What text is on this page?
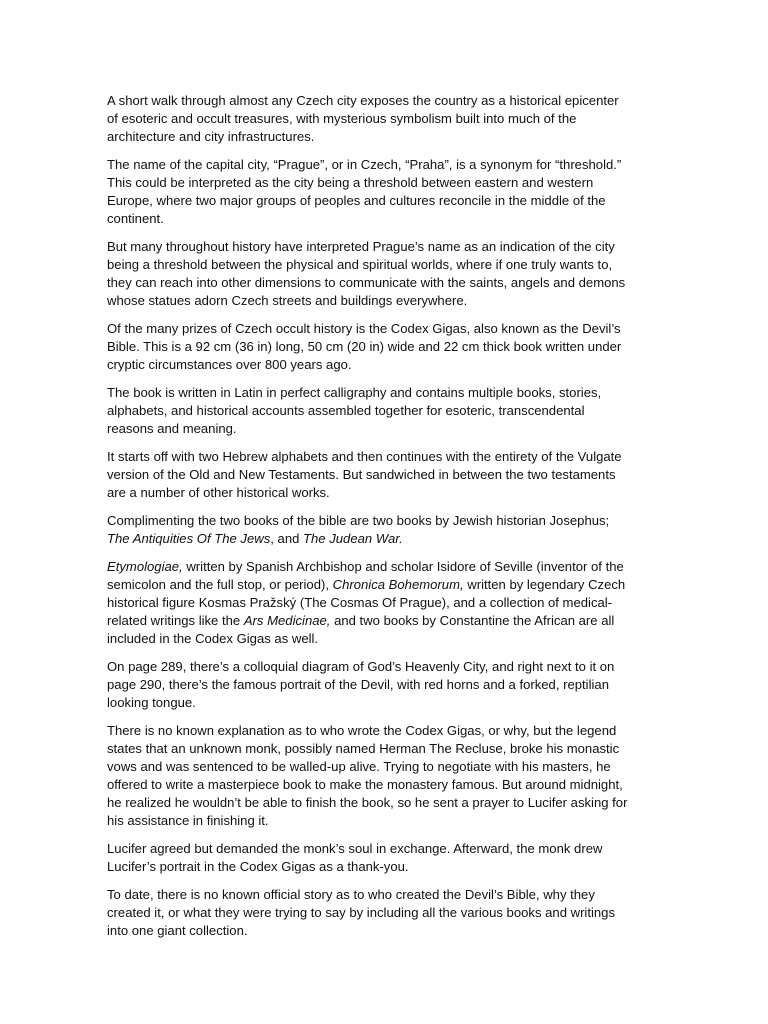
A short walk through almost any Czech city exposes the country as a historical epicenter of esoteric and occult treasures, with mysterious symbolism built into much of the architecture and city infrastructures.

The name of the capital city, “Prague”, or in Czech, “Praha”, is a synonym for “threshold.” This could be interpreted as the city being a threshold between eastern and western Europe, where two major groups of peoples and cultures reconcile in the middle of the continent.

But many throughout history have interpreted Prague’s name as an indication of the city being a threshold between the physical and spiritual worlds, where if one truly wants to, they can reach into other dimensions to communicate with the saints, angels and demons whose statues adorn Czech streets and buildings everywhere.

Of the many prizes of Czech occult history is the Codex Gigas, also known as the Devil’s Bible. This is a 92 cm (36 in) long, 50 cm (20 in) wide and 22 cm thick book written under cryptic circumstances over 800 years ago.

The book is written in Latin in perfect calligraphy and contains multiple books, stories, alphabets, and historical accounts assembled together for esoteric, transcendental reasons and meaning.

It starts off with two Hebrew alphabets and then continues with the entirety of the Vulgate version of the Old and New Testaments. But sandwiched in between the two testaments are a number of other historical works.

Complimenting the two books of the bible are two books by Jewish historian Josephus; The Antiquities Of The Jews, and The Judean War.

Etymologiae, written by Spanish Archbishop and scholar Isidore of Seville (inventor of the semicolon and the full stop, or period), Chronica Bohemorum, written by legendary Czech historical figure Kosmas Pražský (The Cosmas Of Prague), and a collection of medical-related writings like the Ars Medicinae, and two books by Constantine the African are all included in the Codex Gigas as well.

On page 289, there’s a colloquial diagram of God’s Heavenly City, and right next to it on page 290, there’s the famous portrait of the Devil, with red horns and a forked, reptilian looking tongue.

There is no known explanation as to who wrote the Codex Gigas, or why, but the legend states that an unknown monk, possibly named Herman The Recluse, broke his monastic vows and was sentenced to be walled-up alive. Trying to negotiate with his masters, he offered to write a masterpiece book to make the monastery famous. But around midnight, he realized he wouldn’t be able to finish the book, so he sent a prayer to Lucifer asking for his assistance in finishing it.

Lucifer agreed but demanded the monk’s soul in exchange. Afterward, the monk drew Lucifer’s portrait in the Codex Gigas as a thank-you.

To date, there is no known official story as to who created the Devil’s Bible, why they created it, or what they were trying to say by including all the various books and writings into one giant collection.
